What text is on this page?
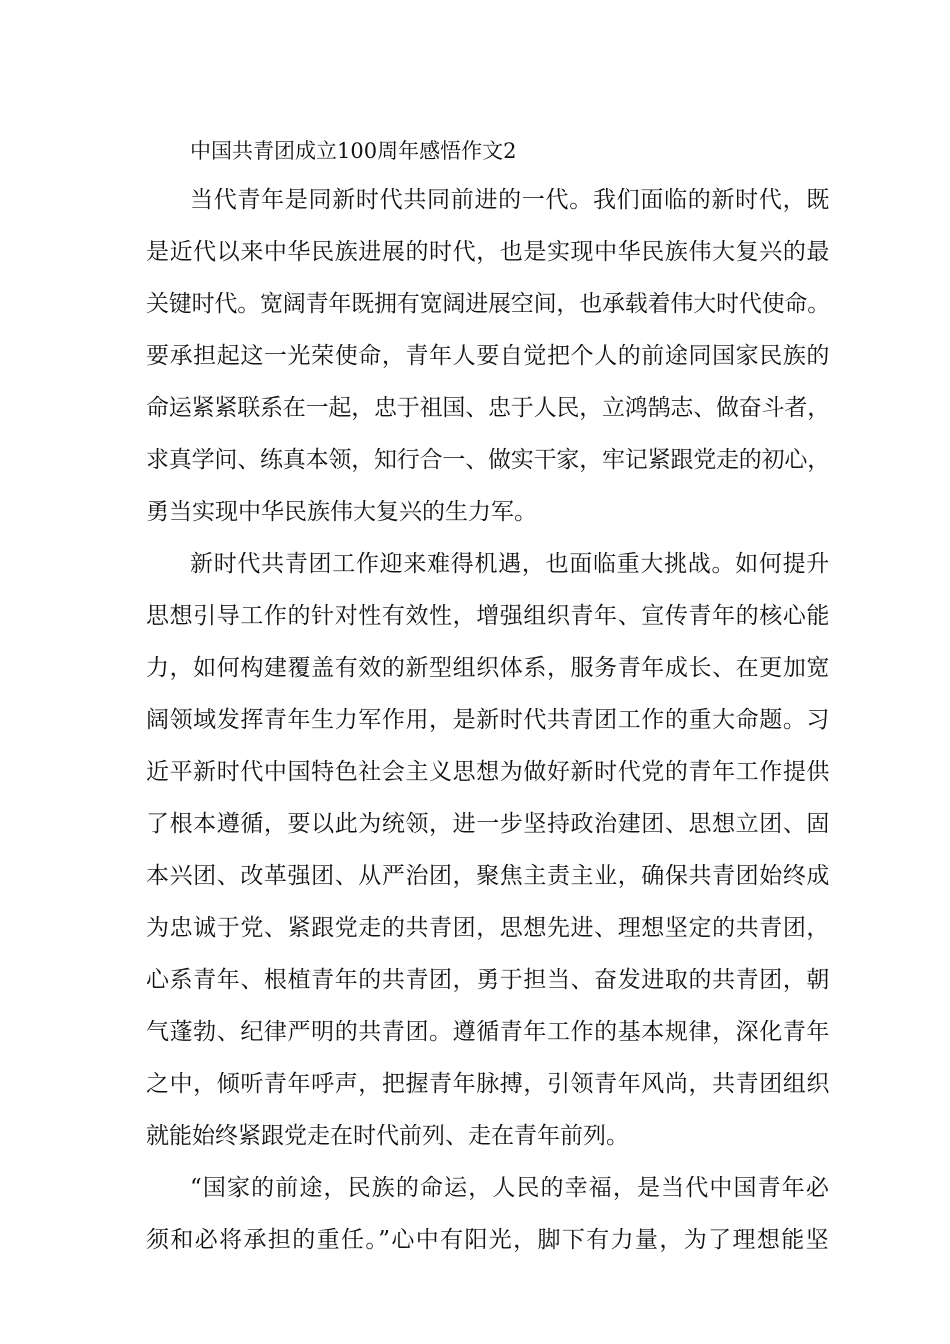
中国共青团成立100周年感悟作文2

当代青年是同新时代共同前进的一代。我们面临的新时代，既

是近代以来中华民族进展的时代，也是实现中华民族伟大复兴的最

关键时代。宽阔青年既拥有宽阔进展空间，也承载着伟大时代使命。

要承担起这一光荣使命，青年人要自觉把个人的前途同国家民族的

命运紧紧联系在一起，忠于祖国、忠于人民，立鸿鹄志、做奋斗者，

求真学问、练真本领，知行合一、做实干家，牢记紧跟党走的初心，

勇当实现中华民族伟大复兴的生力军。

新时代共青团工作迎来难得机遇，也面临重大挑战。如何提升

思想引导工作的针对性有效性，增强组织青年、宣传青年的核心能

力，如何构建覆盖有效的新型组织体系，服务青年成长、在更加宽

阔领域发挥青年生力军作用，是新时代共青团工作的重大命题。习

近平新时代中国特色社会主义思想为做好新时代党的青年工作提供

了根本遵循，要以此为统领，进一步坚持政治建团、思想立团、固

本兴团、改革强团、从严治团，聚焦主责主业，确保共青团始终成

为忠诚于党、紧跟党走的共青团，思想先进、理想坚定的共青团，

心系青年、根植青年的共青团，勇于担当、奋发进取的共青团，朝

气蓬勃、纪律严明的共青团。遵循青年工作的基本规律，深化青年

之中，倾听青年呼声，把握青年脉搏，引领青年风尚，共青团组织

就能始终紧跟党走在时代前列、走在青年前列。

“国家的前途，民族的命运，人民的幸福，是当代中国青年必

须和必将承担的重任。”心中有阳光，脚下有力量，为了理想能坚
